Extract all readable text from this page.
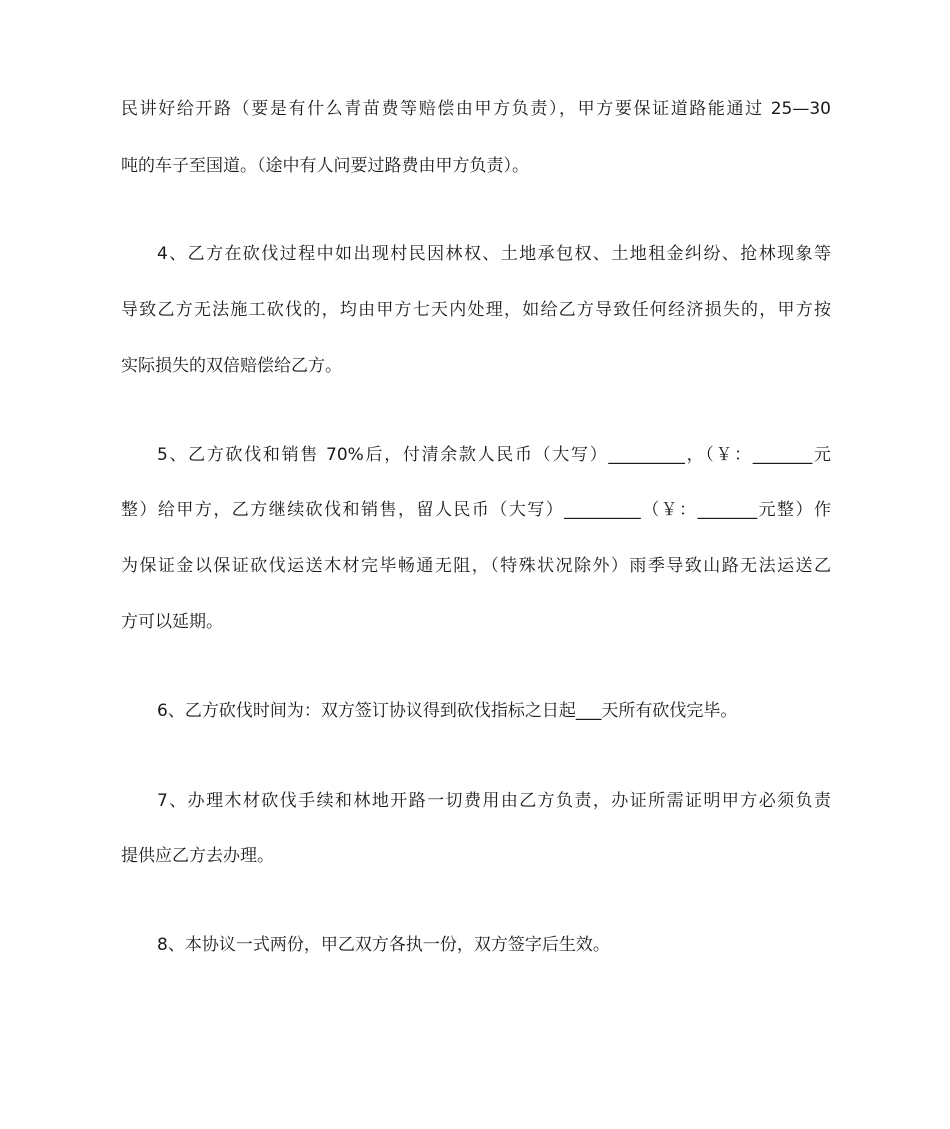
民讲好给开路（要是有什么青苗费等赔偿由甲方负责），甲方要保证道路能通过 25—30
吨的车子至国道。（途中有人问要过路费由甲方负责）。
4、乙方在砍伐过程中如出现村民因林权、土地承包权、土地租金纠纷、抢林现象等
导致乙方无法施工砍伐的，均由甲方七天内处理，如给乙方导致任何经济损失的，甲方按
实际损失的双倍赔偿给乙方。
5、乙方砍伐和销售 70%后，付清余款人民币（大写）_________，（￥：_______元
整）给甲方，乙方继续砍伐和销售，留人民币（大写）_________（￥：_______元整）作
为保证金以保证砍伐运送木材完毕畅通无阻，（特殊状况除外）雨季导致山路无法运送乙
方可以延期。
6、乙方砍伐时间为：双方签订协议得到砍伐指标之日起___天所有砍伐完毕。
7、办理木材砍伐手续和林地开路一切费用由乙方负责，办证所需证明甲方必须负责
提供应乙方去办理。
8、本协议一式两份，甲乙双方各执一份，双方签字后生效。
